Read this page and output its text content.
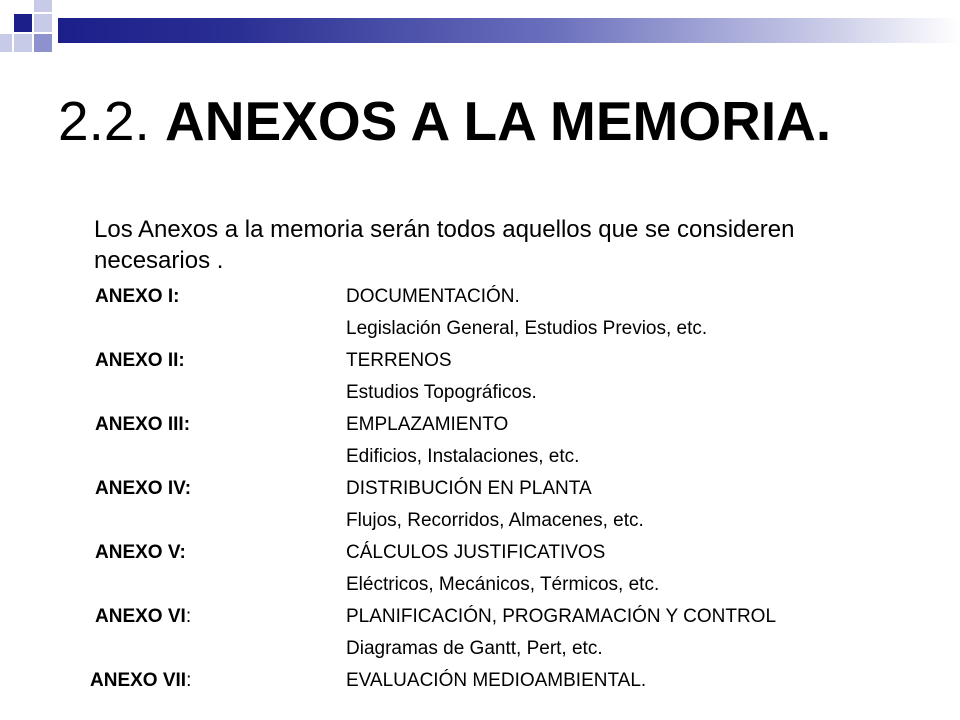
2.2. ANEXOS A LA MEMORIA.

Los Anexos a la memoria serán todos aquellos que se consideren necesarios .

ANEXO I:	DOCUMENTACIÓN.
Legislación General, Estudios Previos, etc.
ANEXO II:	TERRENOS
Estudios Topográficos.
ANEXO III:	EMPLAZAMIENTO
Edificios, Instalaciones, etc.
ANEXO IV:	DISTRIBUCIÓN EN PLANTA
Flujos, Recorridos, Almacenes, etc.
ANEXO V:	CÁLCULOS JUSTIFICATIVOS
Eléctricos, Mecánicos, Térmicos, etc.
ANEXO VI:	PLANIFICACIÓN, PROGRAMACIÓN Y CONTROL
Diagramas de Gantt, Pert, etc.
ANEXO VII:	EVALUACIÓN MEDIOAMBIENTAL.
